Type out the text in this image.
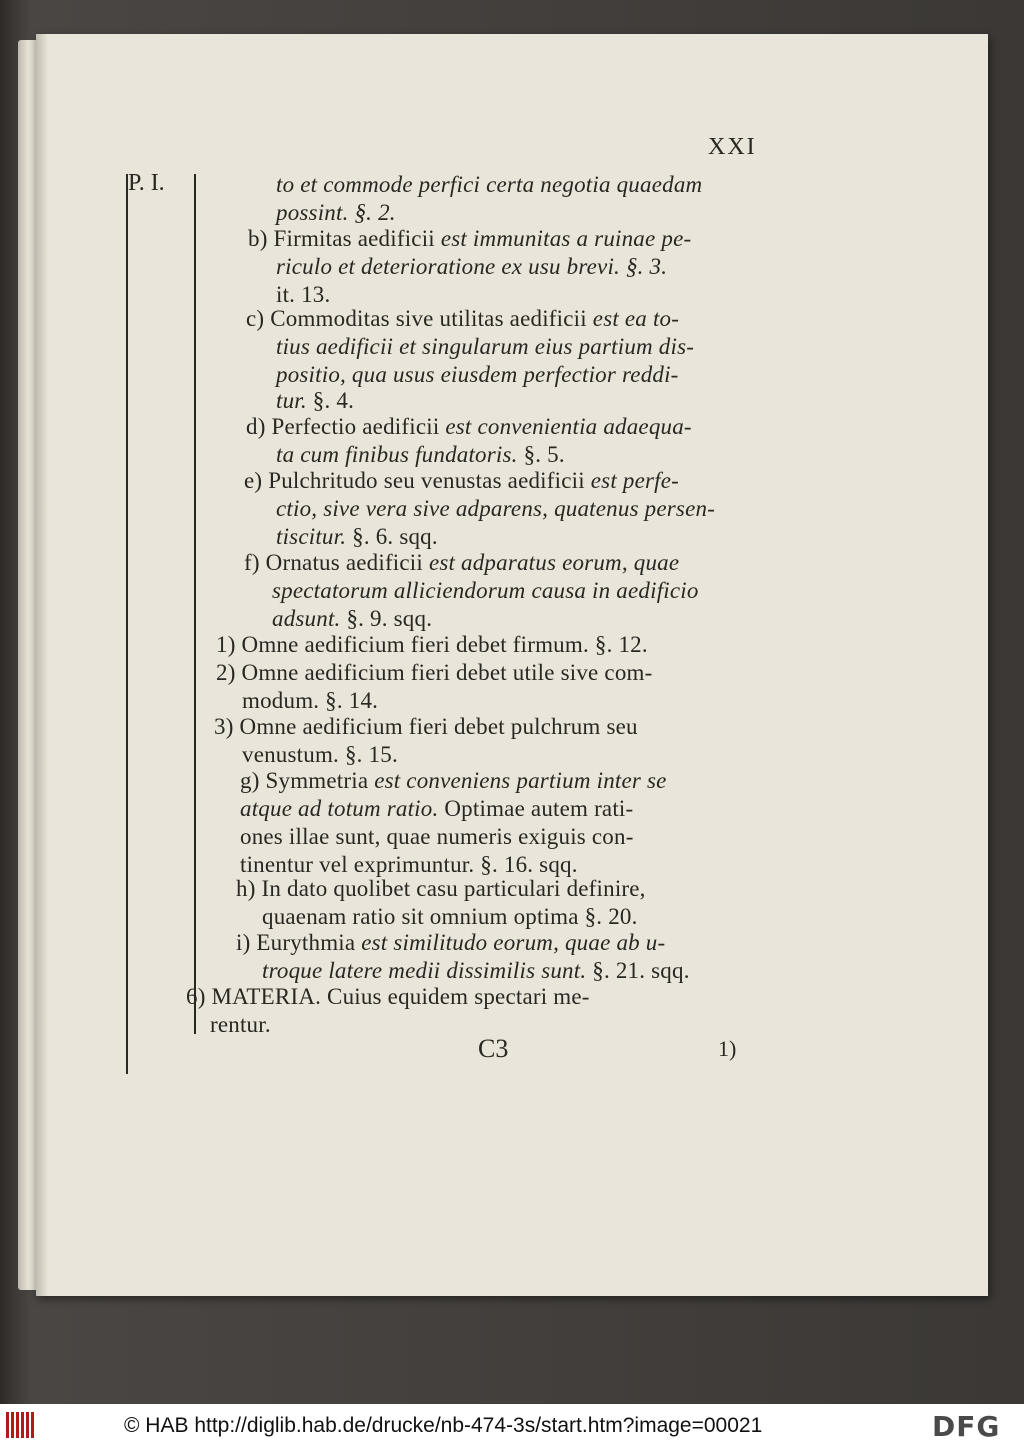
XXI
P. I.	to et commode perfici certa negotia quaedam
possint. §. 2.
b) Firmitas aedificii est immunitas a ruinae pe-
riculo et deterioratione ex usu brevi. §. 3.
it. 13.
c) Commoditas sive utilitas aedificii est ea to-
tius aedificii et singularum eius partium dis-
positio, qua usus eiusdem perfectior reddi-
tur. §. 4.
d) Perfectio aedificii est convenientia adaequa-
ta cum finibus fundatoris. §. 5.
e) Pulchritudo seu venustas aedificii est perfe-
ctio, sive vera sive adparens, quatenus persen-
tiscitur. §. 6. sqq.
f) Ornatus aedificii est adparatus eorum, quae
spectatorum alliciendorum causa in aedificio
adsunt. §. 9. sqq.
1) Omne aedificium fieri debet firmum. §. 12.
2) Omne aedificium fieri debet utile sive com-
modum. §. 14.
3) Omne aedificium fieri debet pulchrum seu
venustum. §. 15.
g) Symmetria est conveniens partium inter se
atque ad totum ratio. Optimae autem rati-
ones illae sunt, quae numeris exiguis con-
tinentur vel exprimuntur. §. 16. sqq.
h) In dato quolibet casu particulari definire,
quaenam ratio sit omnium optima §. 20.
i) Eurythmia est similitudo eorum, quae ab u-
troque latere medii dissimilis sunt. §. 21. sqq.
6) MATERIA. Cuius equidem spectari me-
rentur.
C3	1)
© HAB http://diglib.hab.de/drucke/nb-474-3s/start.htm?image=00021	DFG
